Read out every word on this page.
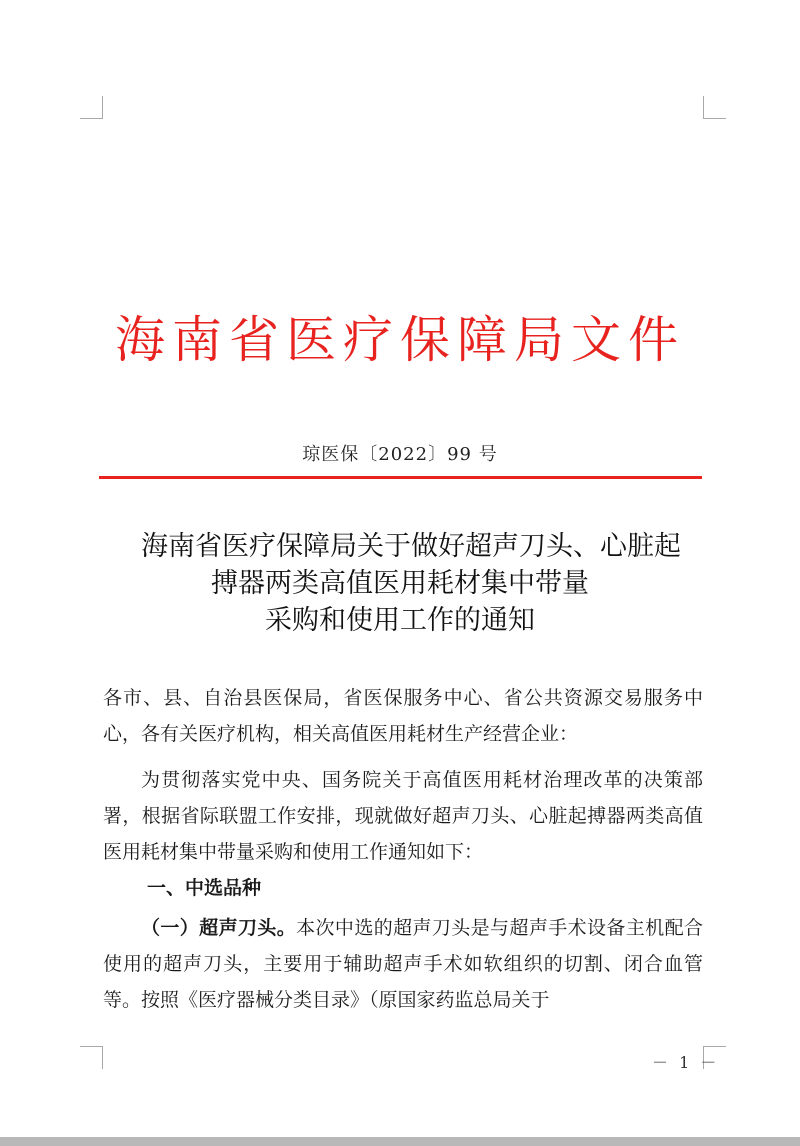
海南省医疗保障局文件
琼医保〔2022〕99 号
海南省医疗保障局关于做好超声刀头、心脏起
搏器两类高值医用耗材集中带量
采购和使用工作的通知
各市、县、自治县医保局，省医保服务中心、省公共资源交易服务中心，各有关医疗机构，相关高值医用耗材生产经营企业：
为贯彻落实党中央、国务院关于高值医用耗材治理改革的决策部署，根据省际联盟工作安排，现就做好超声刀头、心脏起搏器两类高值医用耗材集中带量采购和使用工作通知如下：
一、中选品种
（一）超声刀头。本次中选的超声刀头是与超声手术设备主机配合使用的超声刀头，主要用于辅助超声手术如软组织的切割、闭合血管等。按照《医疗器械分类目录》（原国家药监总局关于
－ 1 －
